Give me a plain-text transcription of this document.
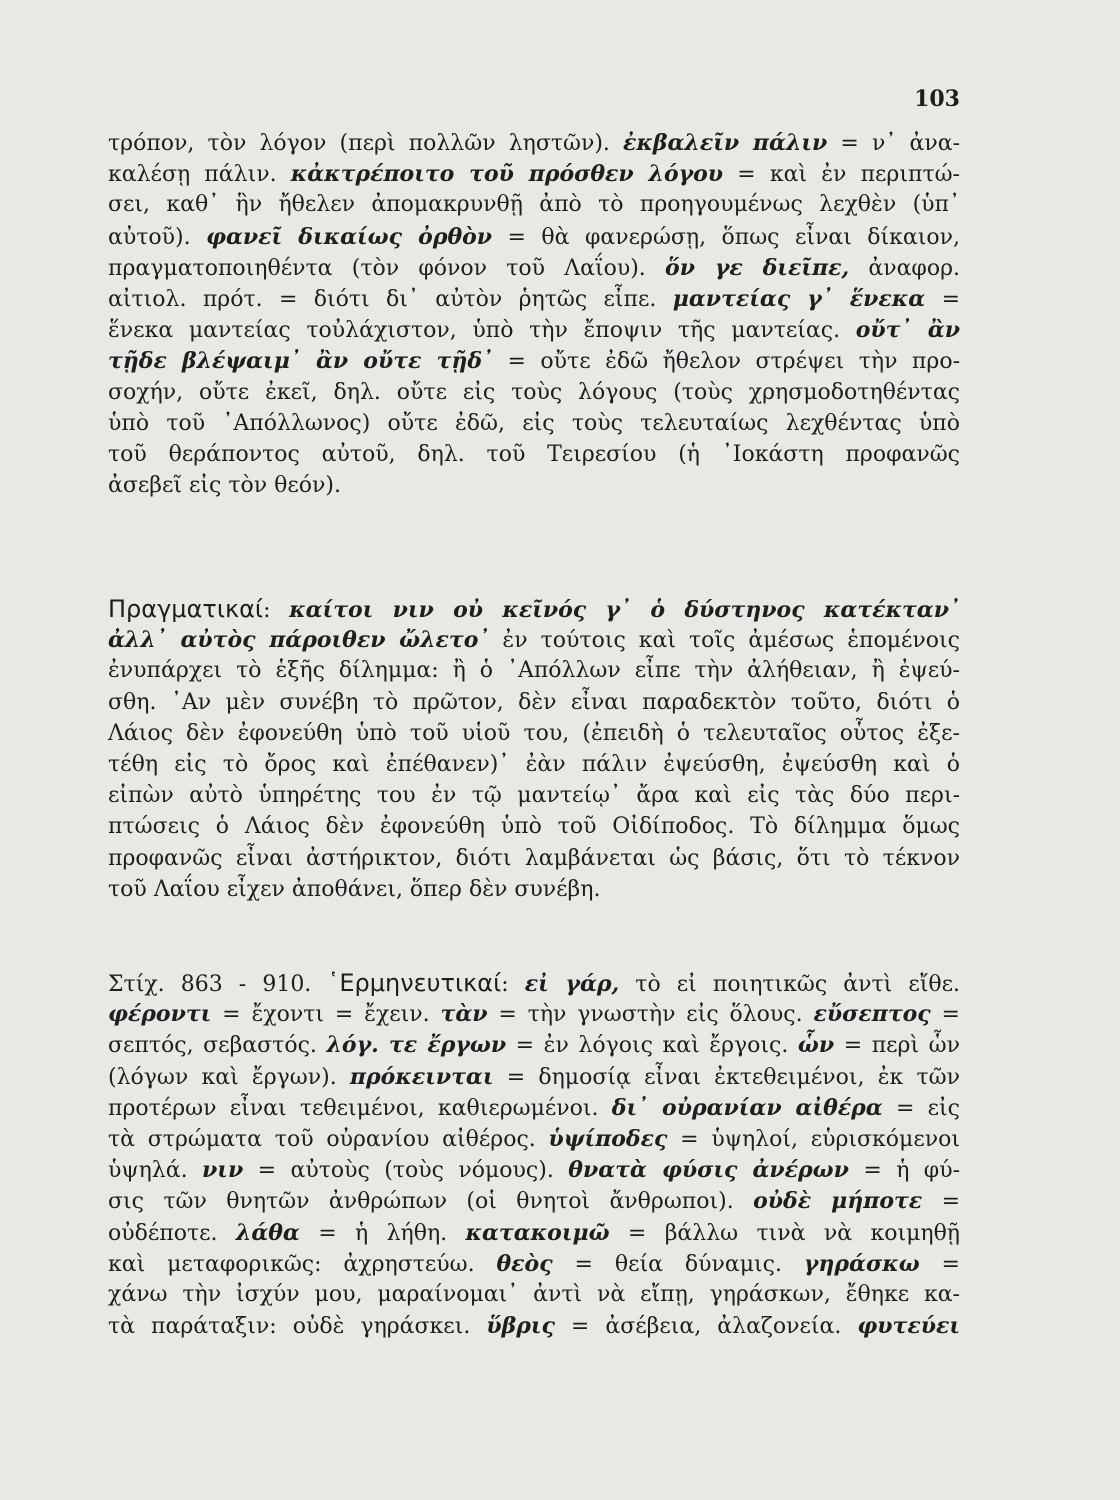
103
τρόπον, τὸν λόγον (περὶ πολλῶν ληστῶν). ἐκβαλεῖν πάλιν = ν᾽ ἀνα-
καλέσῃ πάλιν. κἀκτρέποιτο τοῦ πρόσθεν λόγου = καὶ ἐν περιπτώ-
σει, καθ᾽ ἣν ἤθελεν ἀπομακρυνθῇ ἀπὸ τὸ προηγουμένως λεχθὲν (ὑπ᾽
αὐτοῦ). φανεῖ δικαίως ὀρθὸν = θὰ φανερώσῃ, ὅπως εἶναι δίκαιον,
πραγματοποιηθέντα (τὸν φόνον τοῦ Λαΐου). ὅν γε διεῖπε, ἀναφορ.
αἰτιολ. πρότ. = διότι δι᾽ αὐτὸν ῥητῶς εἶπε. μαντείας γ᾽ ἕνεκα =
ἕνεκα μαντείας τοὐλάχιστον, ὑπὸ τὴν ἔποψιν τῆς μαντείας. οὔτ᾽ ἂν
τῇδε βλέψαιμ᾽ ἂν οὔτε τῇδ᾽ = οὔτε ἐδῶ ἤθελον στρέψει τὴν προ-
σοχήν, οὔτε ἐκεῖ, δηλ. οὔτε εἰς τοὺς λόγους (τοὺς χρησμοδοτηθέντας
ὑπὸ τοῦ ᾽Απόλλωνος) οὔτε ἐδῶ, εἰς τοὺς τελευταίως λεχθέντας ὑπὸ
τοῦ θεράποντος αὐτοῦ, δηλ. τοῦ Τειρεσίου (ἡ ᾽Ιοκάστη προφανῶς
ἀσεβεῖ εἰς τὸν θεόν).
Πραγματικαί: καίτοι νιν οὐ κεῖνός γ᾽ ὁ δύστηνος κατέκταν᾽
ἀλλ᾽ αὐτὸς πάροιθεν ὤλετο᾽ ἐν τούτοις καὶ τοῖς ἀμέσως ἑπομένοις
ἐνυπάρχει τὸ ἑξῆς δίλημμα: ἢ ὁ ᾽Απόλλων εἶπε τὴν ἀλήθειαν, ἢ ἐψεύ-
σθη. ᾽Αν μὲν συνέβη τὸ πρῶτον, δὲν εἶναι παραδεκτὸν τοῦτο, διότι ὁ
Λάιος δὲν ἐφονεύθη ὑπὸ τοῦ υἱοῦ του, (ἐπειδὴ ὁ τελευταῖος οὗτος ἐξε-
τέθη εἰς τὸ ὄρος καὶ ἐπέθανεν)᾽ ἐὰν πάλιν ἐψεύσθη, ἐψεύσθη καὶ ὁ
εἰπὼν αὐτὸ ὑπηρέτης του ἐν τῷ μαντείῳ᾽ ἄρα καὶ εἰς τὰς δύο περι-
πτώσεις ὁ Λάιος δὲν ἐφονεύθη ὑπὸ τοῦ Οἰδίποδος. Τὸ δίλημμα ὅμως
προφανῶς εἶναι ἀστήρικτον, διότι λαμβάνεται ὡς βάσις, ὅτι τὸ τέκνον
τοῦ Λαΐου εἶχεν ἀποθάνει, ὅπερ δὲν συνέβη.
Στίχ. 863 - 910. ῾Ερμηνευτικαί: εἰ γάρ, τὸ εἰ ποιητικῶς ἀντὶ εἴθε.
φέροντι = ἔχοντι = ἔχειν. τὰν = τὴν γνωστὴν εἰς ὅλους. εὔσεπτος =
σεπτός, σεβαστός. λόγ. τε ἔργων = ἐν λόγοις καὶ ἔργοις. ὧν = περὶ ὧν
(λόγων καὶ ἔργων). πρόκεινται = δημοσίᾳ εἶναι ἐκτεθειμένοι, ἐκ τῶν
προτέρων εἶναι τεθειμένοι, καθιερωμένοι. δι᾽ οὐρανίαν αἰθέρα = εἰς
τὰ στρώματα τοῦ οὐρανίου αἰθέρος. ὑψίποδες = ὑψηλοί, εὑρισκόμενοι
ὑψηλά. νιν = αὐτοὺς (τοὺς νόμους). θνατὰ φύσις ἀνέρων = ἡ φύ-
σις τῶν θνητῶν ἀνθρώπων (οἱ θνητοὶ ἄνθρωποι). οὐδὲ μήποτε =
οὐδέποτε. λάθα = ἡ λήθη. κατακοιμῶ = βάλλω τινὰ νὰ κοιμηθῇ
καὶ μεταφορικῶς: ἀχρηστεύω. θεὸς = θεία δύναμις. γηράσκω =
χάνω τὴν ἰσχύν μου, μαραίνομαι᾽ ἀντὶ νὰ εἴπῃ, γηράσκων, ἔθηκε κα-
τὰ παράταξιν: οὐδὲ γηράσκει. ὕβρις = ἀσέβεια, ἀλαζονεία. φυτεύει
